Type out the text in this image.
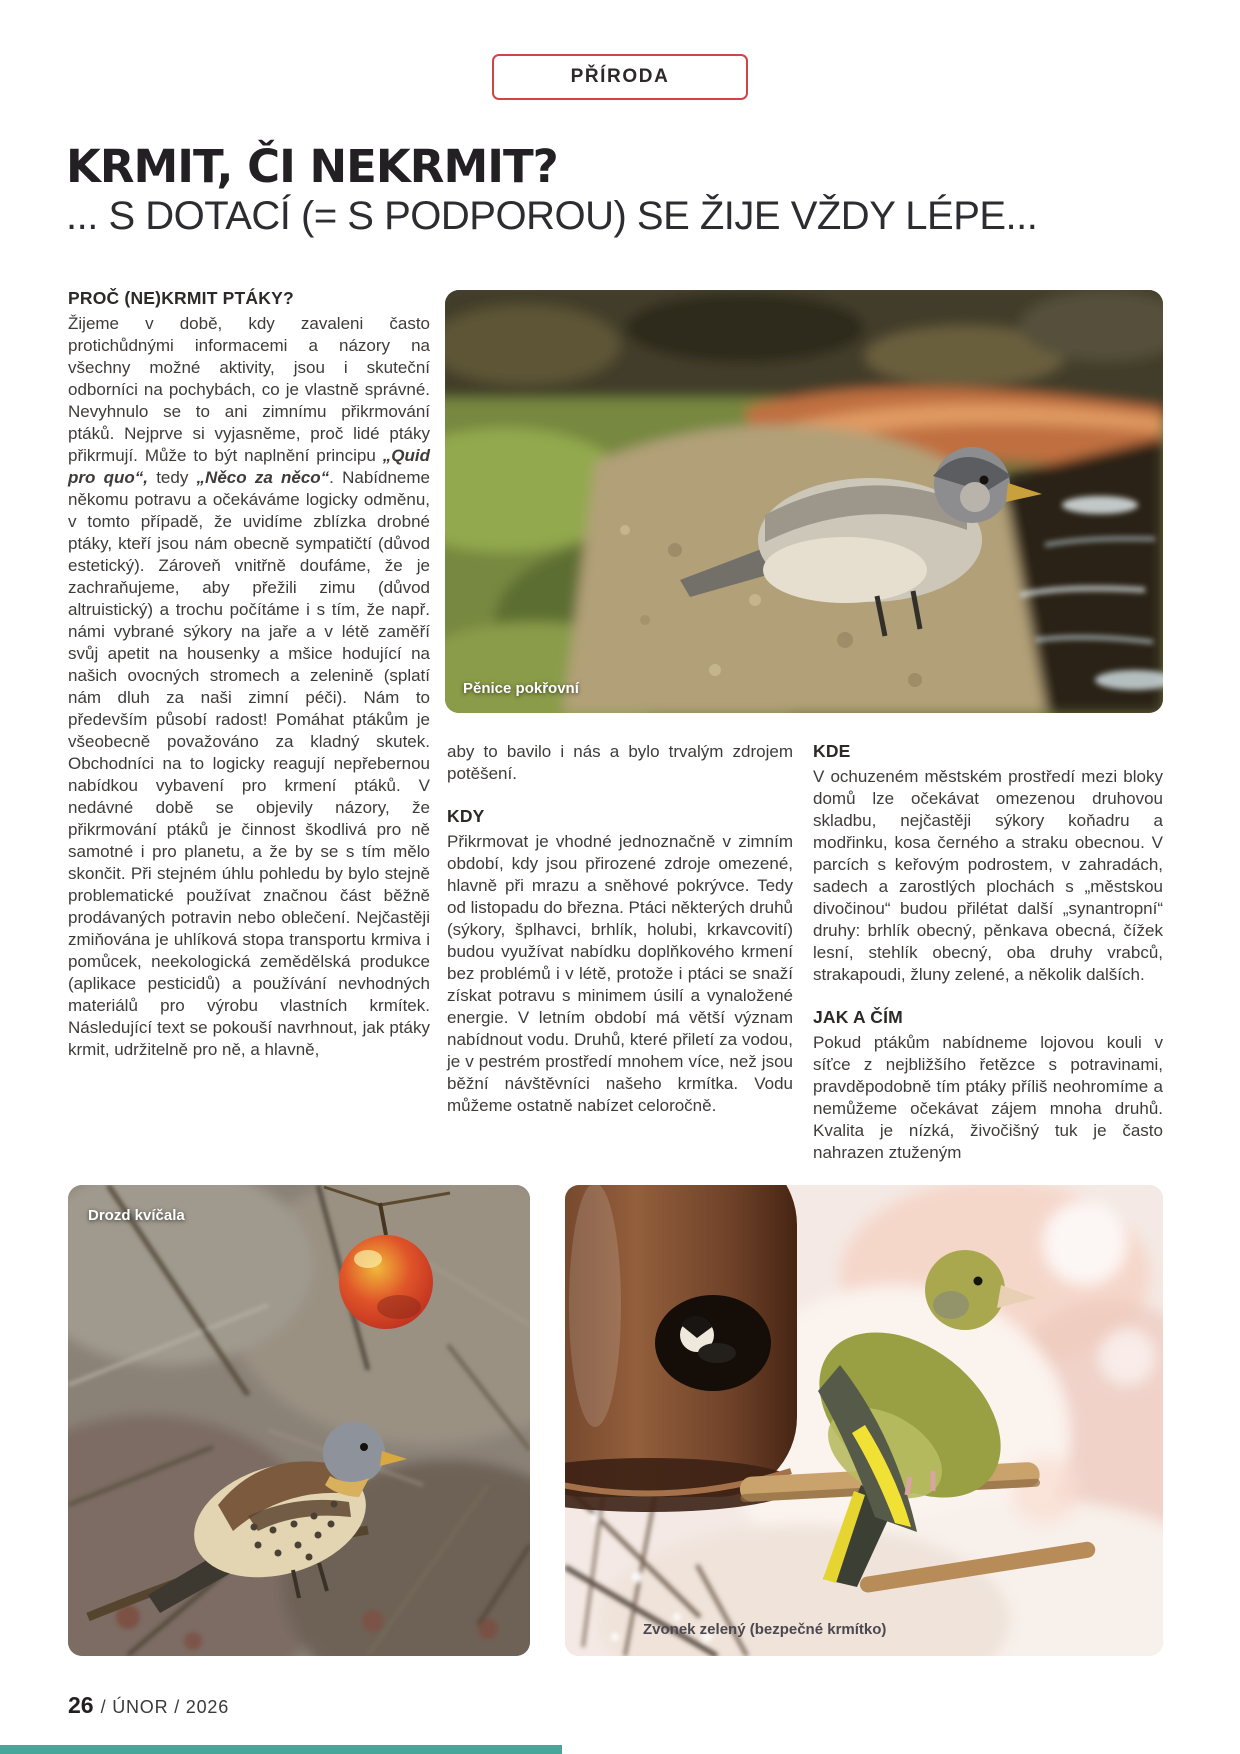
PŘÍRODA
KRMIT, ČI NEKRMIT?
... S DOTACÍ (= S PODPOROU) SE ŽIJE VŽDY LÉPE...
PROČ (NE)KRMIT PTÁKY?

Žijeme v době, kdy zavaleni často protichůdnými informacemi a názory na všechny možné aktivity, jsou i skuteční odborníci na pochybách, co je vlastně správné. Nevyhnulo se to ani zimnímu přikrmování ptáků. Nejprve si vyjasněme, proč lidé ptáky přikrmují. Může to být naplnění principu „Quid pro quo“, tedy „Něco za něco“. Nabídneme někomu potravu a očekáváme logicky odměnu, v tomto případě, že uvidíme zblízka drobné ptáky, kteří jsou nám obecně sympatičtí (důvod estetický). Zároveň vnitřně doufáme, že je zachraňujeme, aby přežili zimu (důvod altruistický) a trochu počítáme i s tím, že např. námi vybrané sýkory na jaře a v létě zaměří svůj apetit na housenky a mšice hodující na našich ovocných stromech a zelenině (splatí nám dluh za naši zimní péči). Nám to především působí radost! Pomáhat ptákům je všeobecně považováno za kladný skutek. Obchodníci na to logicky reagují nepřebernou nabídkou vybavení pro krmení ptáků. V nedávné době se objevily názory, že přikrmování ptáků je činnost škodlivá pro ně samotné i pro planetu, a že by se s tím mělo skončit. Při stejném úhlu pohledu by bylo stejně problematické používat značnou část běžně prodávaných potravin nebo oblečení. Nejčastěji zmiňována je uhlíková stopa transportu krmiva i pomůcek, neekologická zemědělská produkce (aplikace pesticidů) a používání nevhodných materiálů pro výrobu vlastních krmítek. Následující text se pokouší navrhnout, jak ptáky krmit, udržitelně pro ně, a hlavně,

Pěnice pokřovní

aby to bavilo i nás a bylo trvalým zdrojem potěšení.

KDY

Přikrmovat je vhodné jednoznačně v zimním období, kdy jsou přirozené zdroje omezené, hlavně při mrazu a sněhové pokrývce. Tedy od listopadu do března. Ptáci některých druhů (sýkory, šplhavci, brhlík, holubi, krkavcovití) budou využívat nabídku doplňkového krmení bez problémů i v létě, protože i ptáci se snaží získat potravu s minimem úsilí a vynaložené energie. V letním období má větší význam nabídnout vodu. Druhů, které přiletí za vodou, je v pestrém prostředí mnohem více, než jsou běžní návštěvníci našeho krmítka. Vodu můžeme ostatně nabízet celoročně.

KDE

V ochuzeném městském prostředí mezi bloky domů lze očekávat omezenou druhovou skladbu, nejčastěji sýkory koňadru a modřinku, kosa černého a straku obecnou. V parcích s keřovým podrostem, v zahradách, sadech a zarostlých plochách s „městskou divočinou“ budou přilétat další „synantropní“ druhy: brhlík obecný, pěnkava obecná, čížek lesní, stehlík obecný, oba druhy vrabců, strakapoudi, žluny zelené, a několik dalších.

JAK A ČÍM

Pokud ptákům nabídneme lojovou kouli v síťce z nejbližšího řetězce s potravinami, pravděpodobně tím ptáky příliš neohromíme a nemůžeme očekávat zájem mnoha druhů. Kvalita je nízká, živočišný tuk je často nahrazen ztuženým

Drozd kvíčala
Zvonek zelený (bezpečné krmítko)
26 / ÚNOR / 2026
